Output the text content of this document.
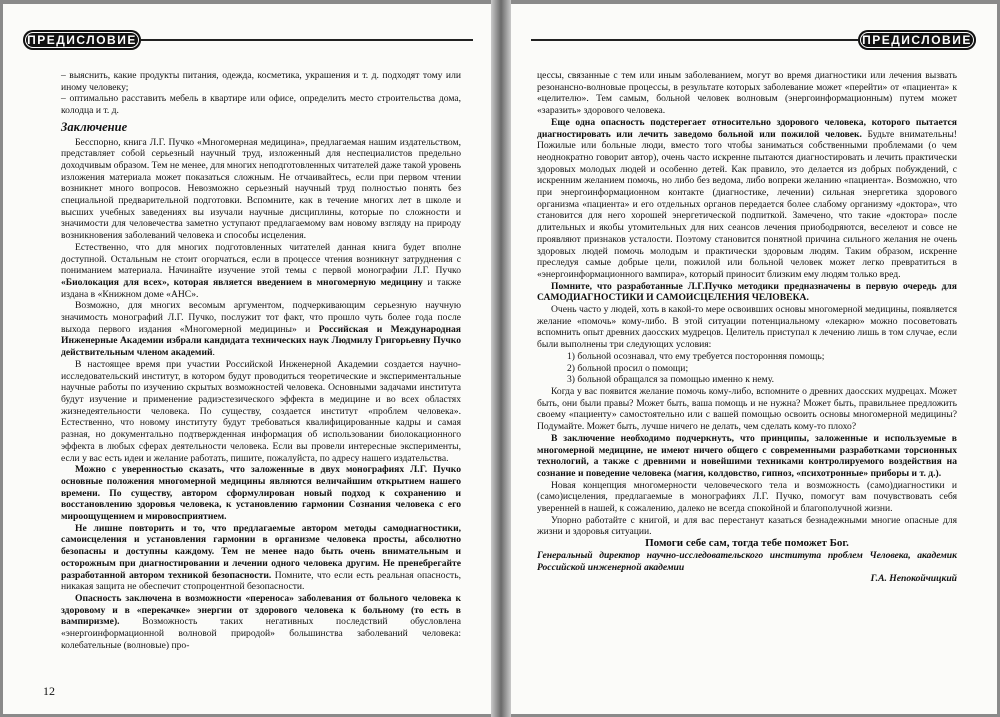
ПРЕДИСЛОВИЕ

– выяснить, какие продукты питания, одежда, косметика, украшения и т. д. подходят тому или иному человеку;

– оптимально расставить мебель в квартире или офисе, определить место строительства дома, колодца и т. д.

Заключение

Бесспорно, книга Л.Г. Пучко «Многомерная медицина», предлагаемая нашим издательством, представляет собой серьезный научный труд, изложенный для неспециалистов предельно доходчивым образом. Тем не менее, для многих неподготовленных читателей даже такой уровень изложения материала может показаться сложным. Не отчаивайтесь, если при первом чтении возникнет много вопросов. Невозможно серьезный научный труд полностью понять без специальной предварительной подготовки. Вспомните, как в течение многих лет в школе и высших учебных заведениях вы изучали научные дисциплины, которые по сложности и значимости для человечества заметно уступают предлагаемому вам новому взгляду на природу возникновения заболеваний человека и способы исцеления.

Естественно, что для многих подготовленных читателей данная книга будет вполне доступной. Остальным не стоит огорчаться, если в процессе чтения возникнут затруднения с пониманием материала. Начинайте изучение этой темы с первой монографии Л.Г. Пучко «Биолокация для всех», которая является введением в многомерную медицину и также издана в «Книжном доме «АНС».

Возможно, для многих весомым аргументом, подчеркивающим серьезную научную значимость монографий Л.Г. Пучко, послужит тот факт, что прошло чуть более года после выхода первого издания «Многомерной медицины» и Российская и Международная Инженерные Академии избрали кандидата технических наук Людмилу Григорьевну Пучко действительным членом академий.

В настоящее время при участии Российской Инженерной Академии создается научно-исследовательский институт, в котором будут проводиться теоретические и экспериментальные научные работы по изучению скрытых возможностей человека. Основными задачами института будут изучение и применение радиэстезического эффекта в медицине и во всех областях жизнедеятельности человека. По существу, создается институт «проблем человека». Естественно, что новому институту будут требоваться квалифицированные кадры и самая разная, но документально подтвержденная информация об использовании биолокационного эффекта в любых сферах деятельности человека. Если вы провели интересные эксперименты, если у вас есть идеи и желание работать, пишите, пожалуйста, по адресу нашего издательства.

Можно с уверенностью сказать, что заложенные в двух монографиях Л.Г. Пучко основные положения многомерной медицины являются величайшим открытием нашего времени. По существу, автором сформулирован новый подход к сохранению и восстановлению здоровья человека, к установлению гармонии Сознания человека с его мироощущением и мировосприятием.

Не лишне повторить и то, что предлагаемые автором методы самодиагностики, самоисцеления и установления гармонии в организме человека просты, абсолютно безопасны и доступны каждому. Тем не менее надо быть очень внимательным и осторожным при диагностировании и лечении одного человека другим. Не пренебрегайте разработанной автором техникой безопасности. Помните, что если есть реальная опасность, никакая защита не обеспечит стопроцентной безопасности.

Опасность заключена в возможности «переноса» заболевания от больного человека к здоровому и в «перекачке» энергии от здорового человека к больному (то есть в вампиризме). Возможность таких негативных последствий обусловлена «энергоинформационной волновой природой» большинства заболеваний человека: колебательные (волновые) про-

12
ПРЕДИСЛОВИЕ

цессы, связанные с тем или иным заболеванием, могут во время диагностики или лечения вызвать резонансно-волновые процессы, в результате которых заболевание может «перейти» от «пациента» к «целителю». Тем самым, больной человек волновым (энергоинформационным) путем может «заразить» здорового человека.

Еще одна опасность подстерегает относительно здорового человека, которого пытается диагностировать или лечить заведомо больной или пожилой человек. Будьте внимательны! Пожилые или больные люди, вместо того чтобы заниматься собственными проблемами (о чем неоднократно говорит автор), очень часто искренне пытаются диагностировать и лечить практически здоровых молодых людей и особенно детей. Как правило, это делается из добрых побуждений, с искренним желанием помочь, но либо без ведома, либо вопреки желанию «пациента». Возможно, что при энергоинформационном контакте (диагностике, лечении) сильная энергетика здорового организма «пациента» и его отдельных органов передается более слабому организму «доктора», что становится для него хорошей энергетической подпиткой. Замечено, что такие «доктора» после длительных и якобы утомительных для них сеансов лечения приободряются, веселеют и совсе не проявляют признаков усталости. Поэтому становится понятной причина сильного желания не очень здоровых людей помочь молодым и практически здоровым людям. Таким образом, искренне преследуя самые добрые цели, пожилой или больной человек может легко превратиться в «энергоинформационного вампира», который приносит близким ему людям только вред.

Помните, что разработанные Л.Г.Пучко методики предназначены в первую очередь для САМОДИАГНОСТИКИ И САМОИСЦЕЛЕНИЯ ЧЕЛОВЕКА.

Очень часто у людей, хоть в какой-то мере освоивших основы многомерной медицины, появляется желание «помочь» кому-либо. В этой ситуации потенциальному «лекарю» можно посоветовать вспомнить опыт древних даосских мудрецов. Целитель приступал к лечению лишь в том случае, если были выполнены три следующих условия:

1) больной осознавал, что ему требуется посторонняя помощь;

2) больной просил о помощи;

3) больной обращался за помощью именно к нему.

Когда у вас появится желание помочь кому-либо, вспомните о древних даосских мудрецах. Может быть, они были правы? Может быть, ваша помощь и не нужна? Может быть, правильнее предложить своему «пациенту» самостоятельно или с вашей помощью освоить основы многомерной медицины? Подумайте. Может быть, лучше ничего не делать, чем сделать кому-то плохо?

В заключение необходимо подчеркнуть, что принципы, заложенные и используемые в многомерной медицине, не имеют ничего общего с современными разработками торсионных технологий, а также с древними и новейшими техниками контролируемого воздействия на сознание и поведение человека (магия, колдовство, гипноз, «психотронные» приборы и т. д.).

Новая концепция многомерности человеческого тела и возможность (само)диагностики и (само)исцеления, предлагаемые в монографиях Л.Г. Пучко, помогут вам почувствовать себя уверенней в нашей, к сожалению, далеко не всегда спокойной и благополучной жизни.

Упорно работайте с книгой, и для вас перестанут казаться безнадежными многие опасные для жизни и здоровья ситуации.

Помоги себе сам, тогда тебе поможет Бог.

Генеральный директор научно-исследовательского института проблем Человека, академик Российской инженерной академии

Г.А. Непокойчицкий
